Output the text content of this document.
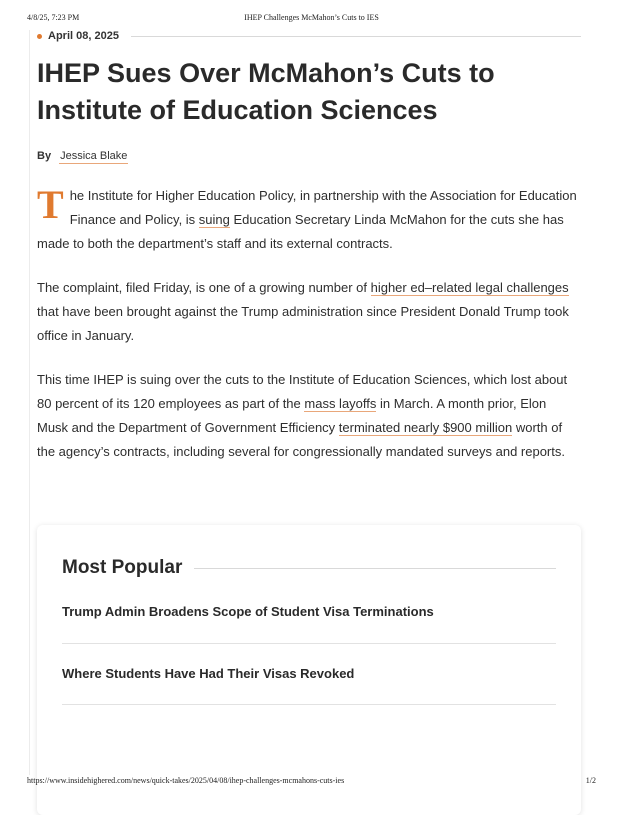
4/8/25, 7:23 PM	IHEP Challenges McMahon’s Cuts to IES
April 08, 2025
IHEP Sues Over McMahon’s Cuts to Institute of Education Sciences
By Jessica Blake

The Institute for Higher Education Policy, in partnership with the Association for Education Finance and Policy, is suing Education Secretary Linda McMahon for the cuts she has made to both the department’s staff and its external contracts.

The complaint, filed Friday, is one of a growing number of higher ed–related legal challenges that have been brought against the Trump administration since President Donald Trump took office in January.

This time IHEP is suing over the cuts to the Institute of Education Sciences, which lost about 80 percent of its 120 employees as part of the mass layoffs in March. A month prior, Elon Musk and the Department of Government Efficiency terminated nearly $900 million worth of the agency’s contracts, including several for congressionally mandated surveys and reports.

Most Popular
Trump Admin Broadens Scope of Student Visa Terminations
Where Students Have Had Their Visas Revoked
https://www.insidehighered.com/news/quick-takes/2025/04/08/ihep-challenges-mcmahons-cuts-ies	1/2
